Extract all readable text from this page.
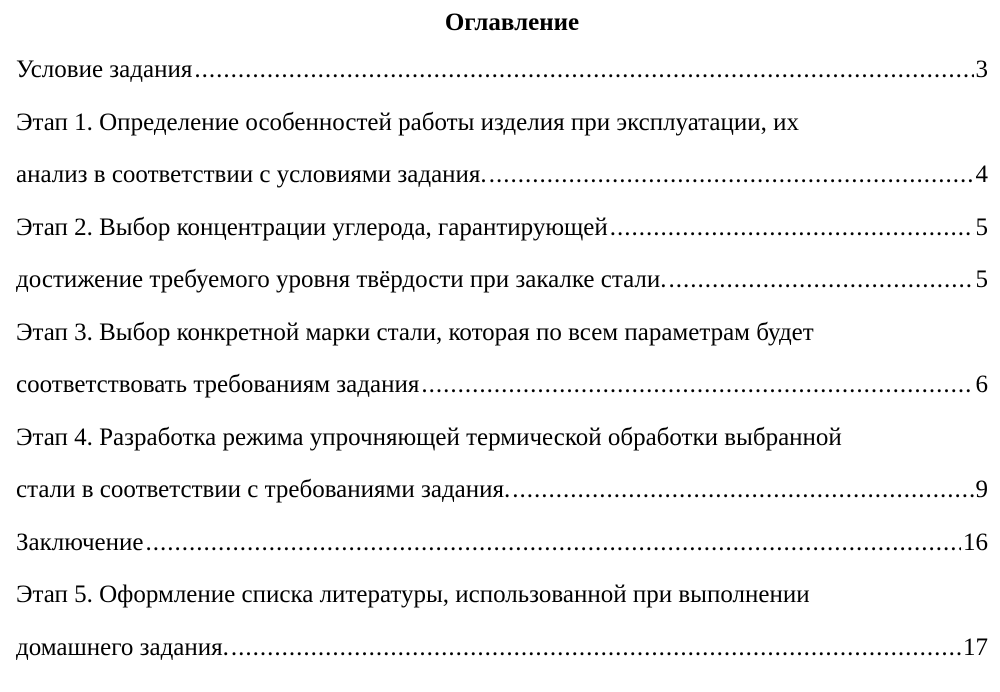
Оглавление
Условие задания .....	3
Этап 1. Определение особенностей работы изделия при эксплуатации, их
анализ в соответствии с условиями задания. .....	4
Этап 2. Выбор концентрации углерода, гарантирующей .....	5
достижение требуемого уровня твёрдости при закалке стали. .....	5
Этап 3. Выбор конкретной марки стали, которая по всем параметрам будет
соответствовать требованиям задания .....	6
Этап 4. Разработка режима упрочняющей термической обработки выбранной
стали в соответствии с требованиями задания. .....	9
Заключение .....	16
Этап 5. Оформление списка литературы, использованной при выполнении
домашнего задания. .....	17
